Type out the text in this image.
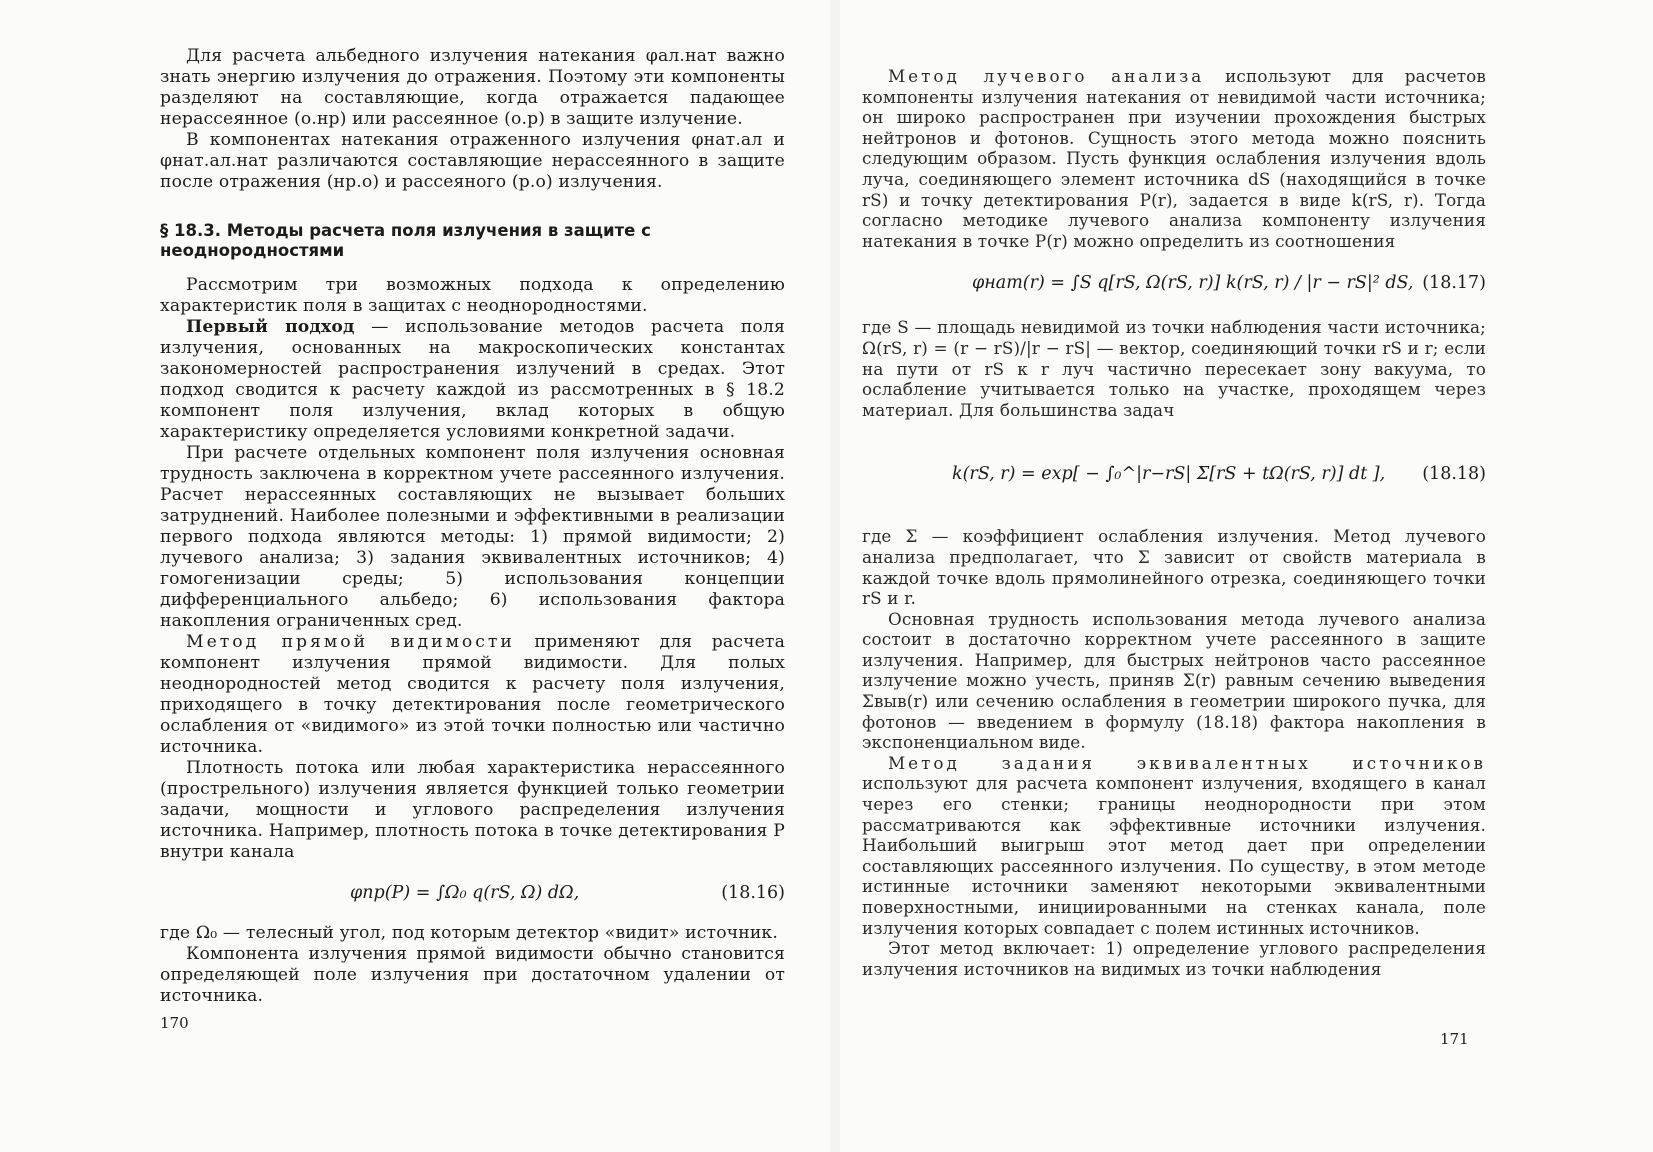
Для расчета альбедного излучения натекания φал.нат важно знать энергию излучения до отражения. Поэтому эти компоненты разделяют на составляющие, когда отражается падающее нерассеянное (о.нр) или рассеянное (о.р) в защите излучение.

В компонентах натекания отраженного излучения φнат.ал и φнат.ал.нат различаются составляющие нерассеянного в защите после отражения (нр.о) и рассеяного (р.о) излучения.

§ 18.3. Методы расчета поля излучения в защите с неоднородностями

Рассмотрим три возможных подхода к определению характеристик поля в защитах с неоднородностями.

Первый подход — использование методов расчета поля излучения, основанных на макроскопических константах закономерностей распространения излучений в средах. Этот подход сводится к расчету каждой из рассмотренных в § 18.2 компонент поля излучения, вклад которых в общую характеристику определяется условиями конкретной задачи.

При расчете отдельных компонент поля излучения основная трудность заключена в корректном учете рассеянного излучения. Расчет нерассеянных составляющих не вызывает больших затруднений. Наиболее полезными и эффективными в реализации первого подхода являются методы: 1) прямой видимости; 2) лучевого анализа; 3) задания эквивалентных источников; 4) гомогенизации среды; 5) использования концепции дифференциального альбедо; 6) использования фактора накопления ограниченных сред.

Метод прямой видимости применяют для расчета компонент излучения прямой видимости. Для полых неоднородностей метод сводится к расчету поля излучения, приходящего в точку детектирования после геометрического ослабления от «видимого» из этой точки полностью или частично источника.

Плотность потока или любая характеристика нерассеянного (прострельного) излучения является функцией только геометрии задачи, мощности и углового распределения излучения источника. Например, плотность потока в точке детектирования P внутри канала

φпр(P) = ∫Ω₀ q(rS, Ω) dΩ,	(18.16)

где Ω₀ — телесный угол, под которым детектор «видит» источник.

Компонента излучения прямой видимости обычно становится определяющей поле излучения при достаточном удалении от источника.

170

Метод лучевого анализа используют для расчетов компоненты излучения натекания от невидимой части источника; он широко распространен при изучении прохождения быстрых нейтронов и фотонов. Сущность этого метода можно пояснить следующим образом. Пусть функция ослабления излучения вдоль луча, соединяющего элемент источника dS (находящийся в точке rS) и точку детектирования P(r), задается в виде k(rS, r). Тогда согласно методике лучевого анализа компоненту излучения натекания в точке P(r) можно определить из соотношения

φнат(r) = ∫S q[rS, Ω(rS, r)] k(rS, r) / |r − rS|² dS, (18.17)

где S — площадь невидимой из точки наблюдения части источника; Ω(rS, r) = (r − rS)/|r − rS| — вектор, соединяющий точки rS и r; если на пути от rS к r луч частично пересекает зону вакуума, то ослабление учитывается только на участке, проходящем через материал. Для большинства задач

k(rS, r) = exp[ − ∫₀^|r−rS| Σ[rS + tΩ(rS, r)] dt ], (18.18)

где Σ — коэффициент ослабления излучения. Метод лучевого анализа предполагает, что Σ зависит от свойств материала в каждой точке вдоль прямолинейного отрезка, соединяющего точки rS и r.

Основная трудность использования метода лучевого анализа состоит в достаточно корректном учете рассеянного в защите излучения. Например, для быстрых нейтронов часто рассеянное излучение можно учесть, приняв Σ(r) равным сечению выведения Σвыв(r) или сечению ослабления в геометрии широкого пучка, для фотонов — введением в формулу (18.18) фактора накопления в экспоненциальном виде.

Метод задания эквивалентных источников используют для расчета компонент излучения, входящего в канал через его стенки; границы неоднородности при этом рассматриваются как эффективные источники излучения. Наибольший выигрыш этот метод дает при определении составляющих рассеянного излучения. По существу, в этом методе истинные источники заменяют некоторыми эквивалентными поверхностными, инициированными на стенках канала, поле излучения которых совпадает с полем истинных источников.

Этот метод включает: 1) определение углового распределения излучения источников на видимых из точки наблюдения

171
